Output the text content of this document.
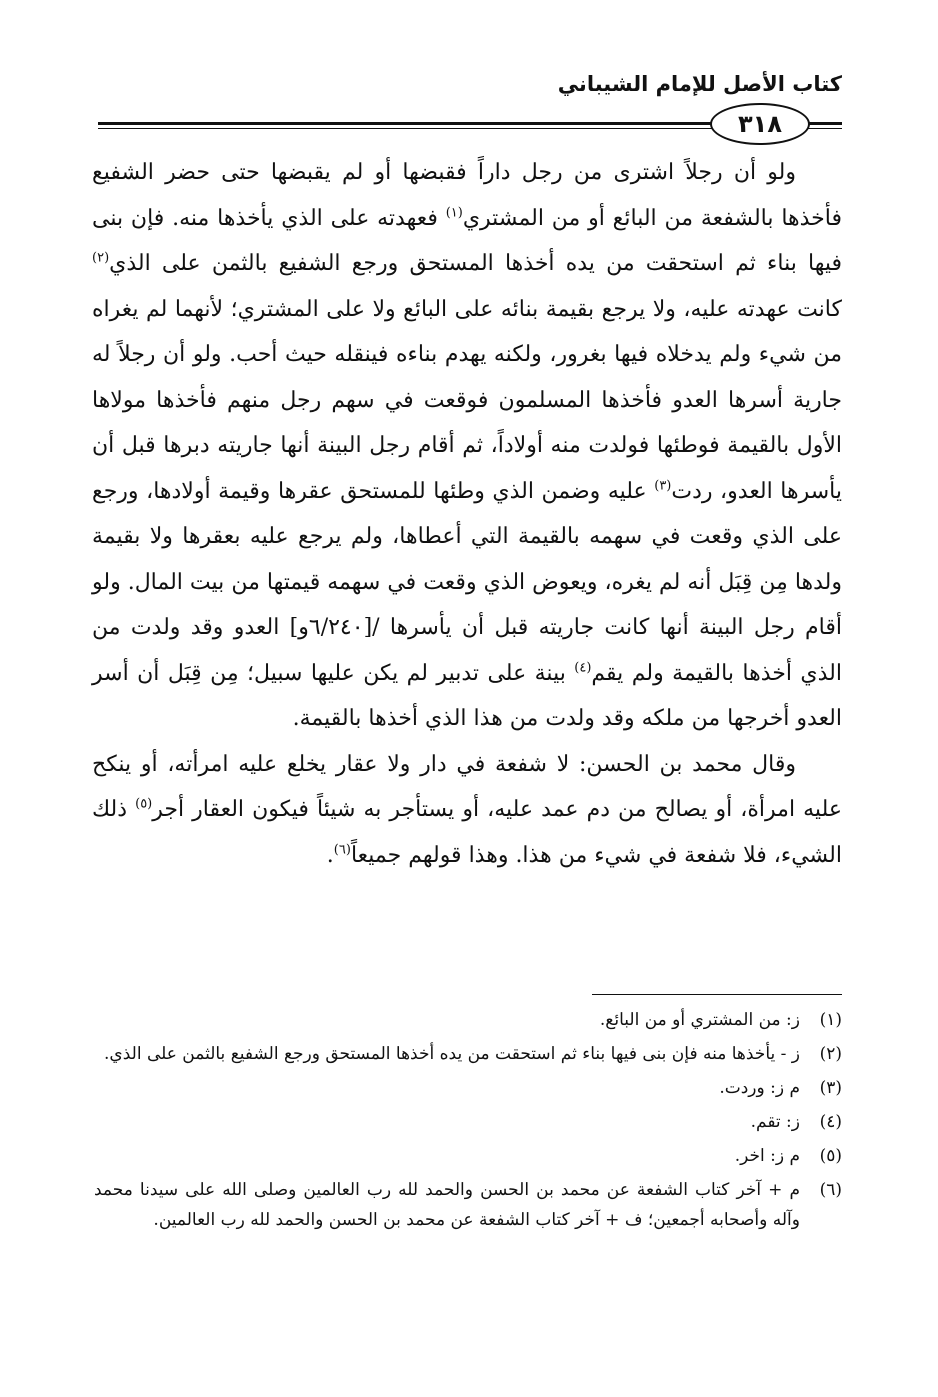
كتاب الأصل للإمام الشيباني
٣١٨

ولو أن رجلاً اشترى من رجل داراً فقبضها أو لم يقبضها حتى حضر الشفيع فأخذها بالشفعة من البائع أو من المشتري$^{(١)}$ فعهدته على الذي يأخذها منه. فإن بنى فيها بناء ثم استحقت من يده أخذها المستحق ورجع الشفيع بالثمن على الذي$^{(٢)}$ كانت عهدته عليه، ولا يرجع بقيمة بنائه على البائع ولا على المشتري؛ لأنهما لم يغراه من شيء ولم يدخلاه فيها بغرور، ولكنه يهدم بناءه فينقله حيث أحب. ولو أن رجلاً له جارية أسرها العدو فأخذها المسلمون فوقعت في سهم رجل منهم فأخذها مولاها الأول بالقيمة فوطئها فولدت منه أولاداً، ثم أقام رجل البينة أنها جاريته دبرها قبل أن يأسرها العدو، ردت$^{(٣)}$ عليه وضمن الذي وطئها للمستحق عقرها وقيمة أولادها، ورجع على الذي وقعت في سهمه بالقيمة التي أعطاها، ولم يرجع عليه بعقرها ولا بقيمة ولدها مِن قِبَل أنه لم يغره، ويعوض الذي وقعت في سهمه قيمتها من بيت المال. ولو أقام رجل البينة أنها كانت جاريته قبل أن يأسرها /[٦/٢٤٠و] العدو وقد ولدت من الذي أخذها بالقيمة ولم يقم$^{(٤)}$ بينة على تدبير لم يكن عليها سبيل؛ مِن قِبَل أن أسر العدو أخرجها من ملكه وقد ولدت من هذا الذي أخذها بالقيمة.

وقال محمد بن الحسن: لا شفعة في دار ولا عقار يخلع عليه امرأته، أو ينكح عليه امرأة، أو يصالح من دم عمد عليه، أو يستأجر به شيئاً فيكون العقار أجر$^{(٥)}$ ذلك الشيء، فلا شفعة في شيء من هذا. وهذا قولهم جميعاً$^{(٦)}$.

(١)
ز: من المشتري أو من البائع.
(٢)
ز - يأخذها منه فإن بنى فيها بناء ثم استحقت من يده أخذها المستحق ورجع الشفيع بالثمن على الذي.
(٣)
م ز: وردت.
(٤)
ز: تقم.
(٥)
م ز: اخر.
(٦)
م + آخر كتاب الشفعة عن محمد بن الحسن والحمد لله رب العالمين وصلى الله على سيدنا محمد وآله وأصحابه أجمعين؛ ف + آخر كتاب الشفعة عن محمد بن الحسن والحمد لله رب العالمين.
